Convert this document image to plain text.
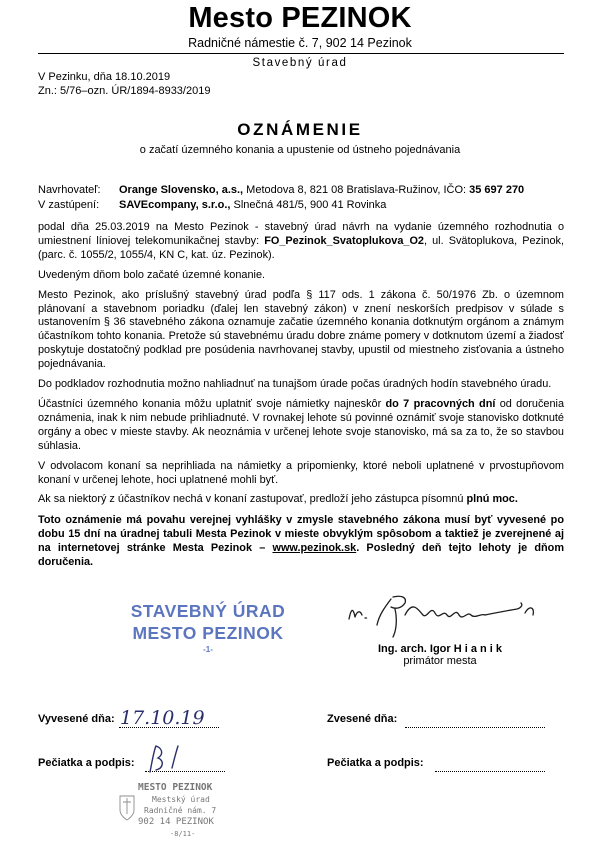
Mesto PEZINOK
Radničné námestie č. 7, 902 14 Pezinok
Stavebný úrad
V Pezinku, dňa 18.10.2019
Zn.: 5/76–ozn. ÚR/1894-8933/2019
OZNÁMENIE
o začatí územného konania a upustenie od ústneho pojednávania
Navrhovateľ: Orange Slovensko, a.s., Metodova 8, 821 08 Bratislava-Ružinov, IČO: 35 697 270
V zastúpení: SAVEcompany, s.r.o., Slnečná 481/5, 900 41 Rovinka

podal dňa 25.03.2019 na Mesto Pezinok - stavebný úrad návrh na vydanie územného rozhodnutia o umiestnení líniovej telekomunikačnej stavby: FO_Pezinok_Svatoplukova_O2, ul. Svätoplukova, Pezinok, (parc. č. 1055/2, 1055/4, KN C, kat. úz. Pezinok).

Uvedeným dňom bolo začaté územné konanie.

Mesto Pezinok, ako príslušný stavebný úrad podľa § 117 ods. 1 zákona č. 50/1976 Zb. o územnom plánovaní a stavebnom poriadku (ďalej len stavebný zákon) v znení neskorších predpisov v súlade s ustanovením § 36 stavebného zákona oznamuje začatie územného konania dotknutým orgánom a známym účastníkom tohto konania. Pretože sú stavebnému úradu dobre známe pomery v dotknutom území a žiadosť poskytuje dostatočný podklad pre posúdenia navrhovanej stavby, upustil od miestneho zisťovania a ústneho pojednávania.

Do podkladov rozhodnutia možno nahliadnuť na tunajšom úrade počas úradných hodín stavebného úradu.

Účastníci územného konania môžu uplatniť svoje námietky najneskôr do 7 pracovných dní od doručenia oznámenia, inak k nim nebude prihliadnuté. V rovnakej lehote sú povinné oznámiť svoje stanovisko dotknuté orgány a obec v mieste stavby. Ak neoznámia v určenej lehote svoje stanovisko, má sa za to, že so stavbou súhlasia.

V odvolacom konaní sa neprihliada na námietky a pripomienky, ktoré neboli uplatnené v prvostupňovom konaní v určenej lehote, hoci uplatnené mohli byť.

Ak sa niektorý z účastníkov nechá v konaní zastupovať, predloží jeho zástupca písomnú plnú moc.

Toto oznámenie má povahu verejnej vyhlášky v zmysle stavebného zákona musí byť vyvesené po dobu 15 dní na úradnej tabuli Mesta Pezinok v mieste obvyklým spôsobom a taktiež je zverejnené aj na internetovej stránke Mesta Pezinok – www.pezinok.sk. Posledný deň tejto lehoty je dňom doručenia.

STAVEBNÝ ÚRAD
MESTO PEZINOK
-1-	Ing. arch. Igor H i a n i k
primátor mesta
Vyvesené dňa: 17.10.19	Zvesené dňa:
Pečiatka a podpis:	Pečiatka a podpis:
MESTO PEZINOK
Mestský úrad
Radničné nám. 7
902 14 PEZINOK
-8/11-
